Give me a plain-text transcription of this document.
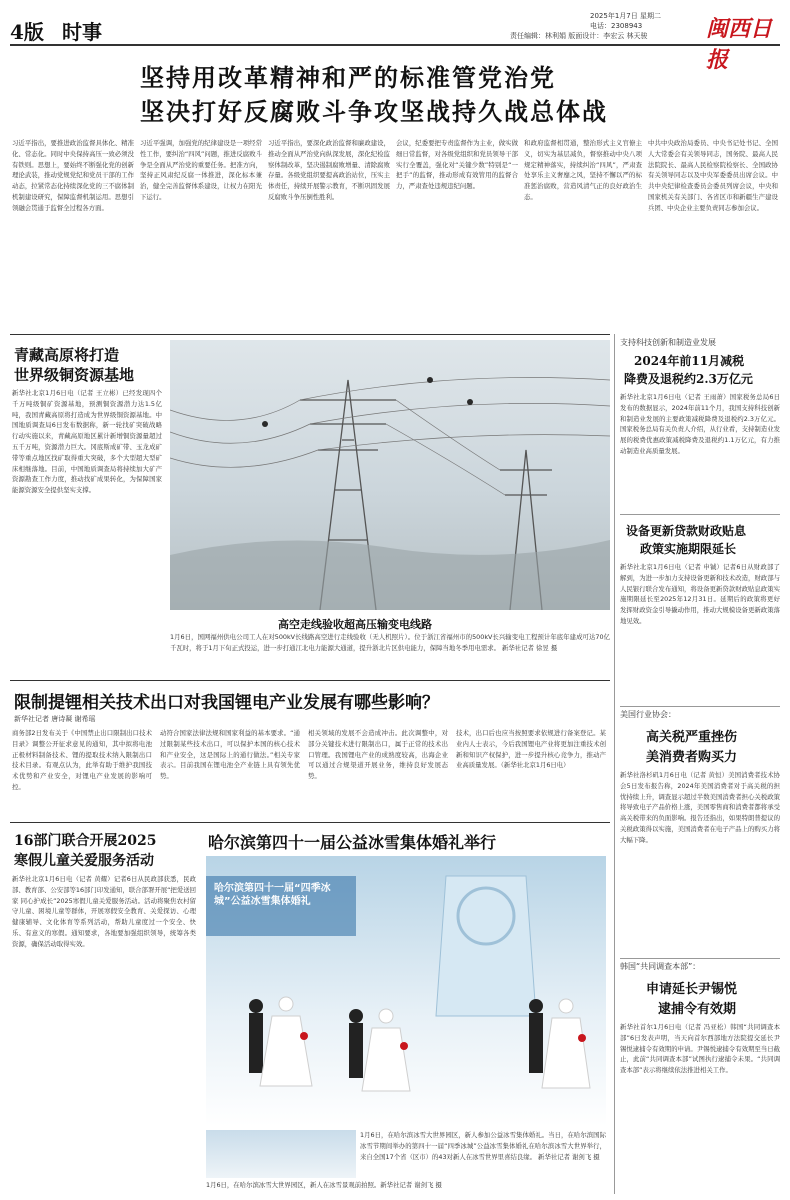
4版 时事
2025年1月7日 星期二
电话：2308943
责任编辑：林利娟 版面设计：李宏云 林天骏	闽西日报
坚持用改革精神和严的标准管党治党
坚决打好反腐败斗争攻坚战持久战总体战
习近平指出，要推进政治监督具体化、精准化、常态化。同时中央保持高压一致必须没有铁则。思想上，要始终不断强化党的创新理论武装，推动党规党纪和党员干部的工作动态，拉紧常态化持续深化党的三不腐体制机制建设研究，保障监督机制运用。思想引领融会贯通于监督全过程各方面。
习近平强调，加强党的纪律建设是一项经常性工作，要纠治“四风”问题，推进反腐败斗争是全面从严治党的重要任务。把准方向，坚持正风肃纪反腐一体推进，深化标本兼治，健全完善监督体系建设，让权力在阳光下运行。
习近平指出，要深化政治监督和廉政建设，推动全面从严治党向纵深发展，深化纪检监察体制改革，坚决遏制腐败增量、清除腐败存量。各级党组织要提高政治站位，压实主体责任，持续开展警示教育，不断巩固发展反腐败斗争压倒性胜利。
会议，纪委要把专责监督作为主业，做实做细日常监督，对各级党组织和党员领导干部实行全覆盖，强化对“关键少数”特别是“一把手”的监督，推动形成有效管用的监督合力，严肃查处违规违纪问题。
和政府监督相贯通，整治形式主义官僚主义，切实为基层减负，督察推动中央八项规定精神落实，持续纠治“四风”，严肃查处享乐主义奢靡之风，坚持不懈以严的标准惩治腐败，营造风清气正的良好政治生态。
中共中央政治局委员、中央书记处书记、全国人大常委会有关领导同志，国务院、最高人民法院院长、最高人民检察院检察长、全国政协有关领导同志以及中央军委委员出席会议。中共中央纪律检查委员会委员列席会议，中央和国家机关有关部门、各省区市和新疆生产建设兵团、中央企业主要负责同志参加会议。
青藏高原将打造
世界级铜资源基地
新华社北京1月6日电（记者 王立彬）已经发现四个千万吨级铜矿资源基地，预测铜资源潜力达1.5亿吨，我国青藏高原将打造成为世界级铜资源基地。中国地质调查局6日发布数据称，新一轮找矿突破战略行动实施以来，青藏高原地区累计新增铜资源量超过五千万吨，资源潜力巨大。冈底斯成矿带、玉龙成矿带等重点地区找矿取得重大突破，多个大型超大型矿床相继落地。目前，中国地质调查局将持续加大矿产资源勘查工作力度，推动找矿成果转化，为保障国家能源资源安全提供坚实支撑。
高空走线验收超高压输变电线路
1月6日，国网福州供电公司工人在对500kV长线路高空进行走线验收（无人机照片）。位于浙江省福州市的500kV长兴输变电工程预计年底年建成可达70亿千瓦时，将于1月下旬正式投运，进一步打通江北电力能源大通道，提升浙北片区供电能力，保障当地冬季用电需求。 新华社记者 徐昱 摄
支持科技创新和制造业发展
2024年前11月减税
降费及退税约2.3万亿元
新华社北京1月6日电（记者 王雨萧）国家税务总局6日发布的数据显示，2024年前11个月，我国支持科技创新和制造业发展的主要政策减税降费及退税约2.3万亿元。国家税务总局有关负责人介绍，从行业看，支持制造业发展的税费优惠政策减税降费及退税约1.1万亿元，有力推动制造业高质量发展。
设备更新贷款财政贴息
政策实施期限延长
新华社北京1月6日电（记者 申铖）记者6日从财政部了解到，为进一步加力支持设备更新和技术改造，财政部与人民银行联合发布通知，将设备更新贷款财政贴息政策实施期限延长至2025年12月31日。延期后的政策将更好发挥财政资金引导撬动作用，推动大规模设备更新政策落地见效。
限制提锂相关技术出口对我国锂电产业发展有哪些影响？
新华社记者 唐诗凝 谢希瑶
商务部2日发布关于《中国禁止出口限制出口技术目录》调整公开征求意见的通知，其中拟将电池正极材料制备技术、锂的提取技术纳入限制出口技术目录。有观点认为，此举有助于维护我国技术优势和产业安全，对锂电产业发展的影响可控。
动符合国家法律法规和国家利益的基本要求。“通过限制某些技术出口，可以保护本国的核心技术和产业安全，这是国际上的通行做法。”相关专家表示。目前我国在锂电池全产业链上具有领先优势。
相关领域的发展不会造成冲击。此次调整中，对部分关键技术进行限制出口，属于正常的技术出口管理。我国锂电产业的成熟度较高，出海企业可以通过合规渠道开展业务，维持良好发展态势。
技术，出口后也应当按照要求依规进行备案登记。某业内人士表示，今后我国锂电产业将更加注重技术创新和知识产权保护，进一步提升核心竞争力，推动产业高质量发展。（新华社北京1月6日电）
美国行业协会：
高关税严重挫伤
美消费者购买力
新华社洛杉矶1月6日电（记者 黄恒）美国消费者技术协会5日发布报告称，2024年美国消费者对于高关税的担忧持续上升，调查显示超过半数美国消费者担心关税政策将导致电子产品价格上涨，美国零售商和消费者都将承受高关税带来的负面影响。报告还指出，如果特朗普提议的关税政策得以实施，美国消费者在电子产品上的购买力将大幅下降。
韩国“共同调查本部”：
申请延长尹锡悦
逮捕令有效期
新华社首尔1月6日电（记者 冯亚松）韩国“共同调查本部”6日发表声明，当天向首尔西部地方法院提交延长尹锡悦逮捕令有效期的申请。尹锡悦逮捕令有效期至当日截止，此前“共同调查本部”试图执行逮捕令未果。“共同调查本部”表示将继续依法推进相关工作。
16部门联合开展2025
寒假儿童关爱服务活动
新华社北京1月6日电（记者 黄耀）记者6日从民政部获悉，民政部、教育部、公安部等16部门印发通知，联合部署开展“把爱送回家 同心护成长”2025寒假儿童关爱服务活动。活动将聚焦农村留守儿童、困境儿童等群体，开展寒假安全教育、关爱探访、心理健康辅导、文化体育等系列活动，帮助儿童度过一个安全、快乐、有意义的寒假。通知要求，各地要加强组织领导，统筹各类资源，确保活动取得实效。
哈尔滨第四十一届公益冰雪集体婚礼举行
哈尔滨第四十一届“四季冰城”公益冰雪集体婚礼
1月6日，在哈尔滨冰雪大世界园区，新人参加公益冰雪集体婚礼。当日，在哈尔滨国际冰雪节期间举办的第四十一届“四季冰城”公益冰雪集体婚礼在哈尔滨冰雪大世界举行，来自全国17个省（区市）的43对新人在冰雪世界里喜结良缘。 新华社记者 谢剑飞 摄
1月6日，在哈尔滨冰雪大世界园区，新人在冰雪景观前拍照。新华社记者 谢剑飞 摄
